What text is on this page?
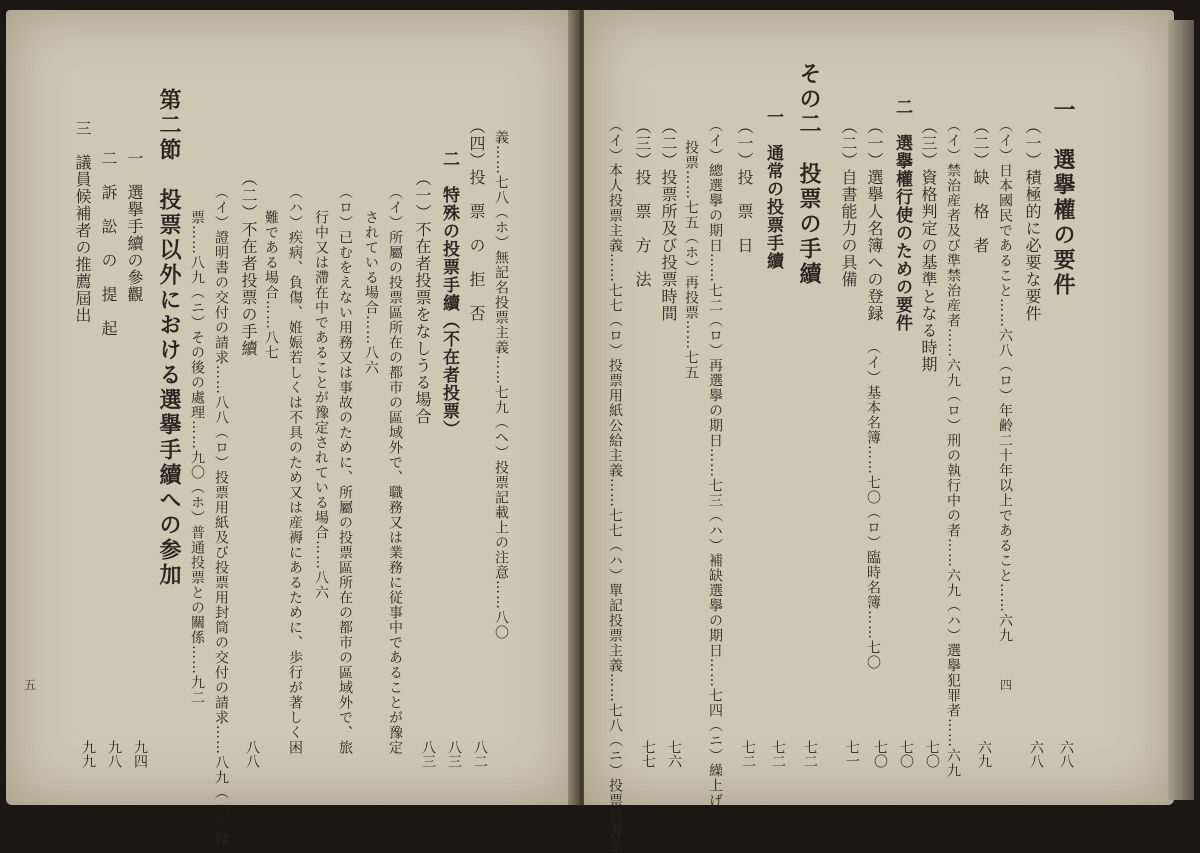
一　選擧權の要件
六八
（一）積極的に必要な要件
六八
（イ）日本國民であること……六八（ロ）年齢二十年以上であること……六九
（二）缺　格　者
六九
（イ）禁治産者及び準禁治産者……六九（ロ）刑の執行中の者……六九（ハ）選擧犯罪者……六九
（三）資格判定の基準となる時期
七〇
二　選擧權行使のための要件
七〇
（一）選擧人名簿への登録
七〇
（イ）基本名簿……七〇（ロ）臨時名簿……七〇
（二）自書能力の具備
七一
その二　投票の手續
七二
一　通常の投票手續
七二
（一）投　票　日
七二
（イ）總選擧の期日……七二（ロ）再選擧の期日……七三（ハ）補缺選擧の期日……七四（ニ）繰上げ
投票……七五（ホ）再投票……七五
（二）投票所及び投票時間
七六
（三）投　票　方　法
七七
（イ）本人投票主義……七七（ロ）投票用紙公給主義……七七（ハ）單記投票主義……七八（ニ）投票自書主	四
義……七八（ホ）無記名投票主義……七九（ヘ）投票記載上の注意……八〇
（四）投　票　の　拒　否
八二
二　特殊の投票手續（不在者投票）
八三
（一）不在者投票をなしうる場合
八三
（イ）所屬の投票區所在の都市の區域外で、職務又は業務に従事中であることが豫定
されている場合……八六
（ロ）已むをえない用務又は事故のために、所屬の投票區所在の都市の區域外で、旅
行中又は滯在中であることが豫定されている場合……八六
（ハ）疾病、負傷、姙娠若しくは不具のため又は産褥にあるために、歩行が著しく困
難である場合……八七
（二）不在者投票の手續
八八
（イ）證明書の交付の請求……八八（ロ）投票用紙及び投票用封筒の交付の請求……八九（ハ）投
票……八九（ニ）その後の處理……九〇（ホ）普通投票との關係……九二
第二節　投票以外における選擧手續への参加
一　選擧手續の參觀
九四
二　訴　訟　の　提　起
九八
三　議員候補者の推薦屆出
九九
五
